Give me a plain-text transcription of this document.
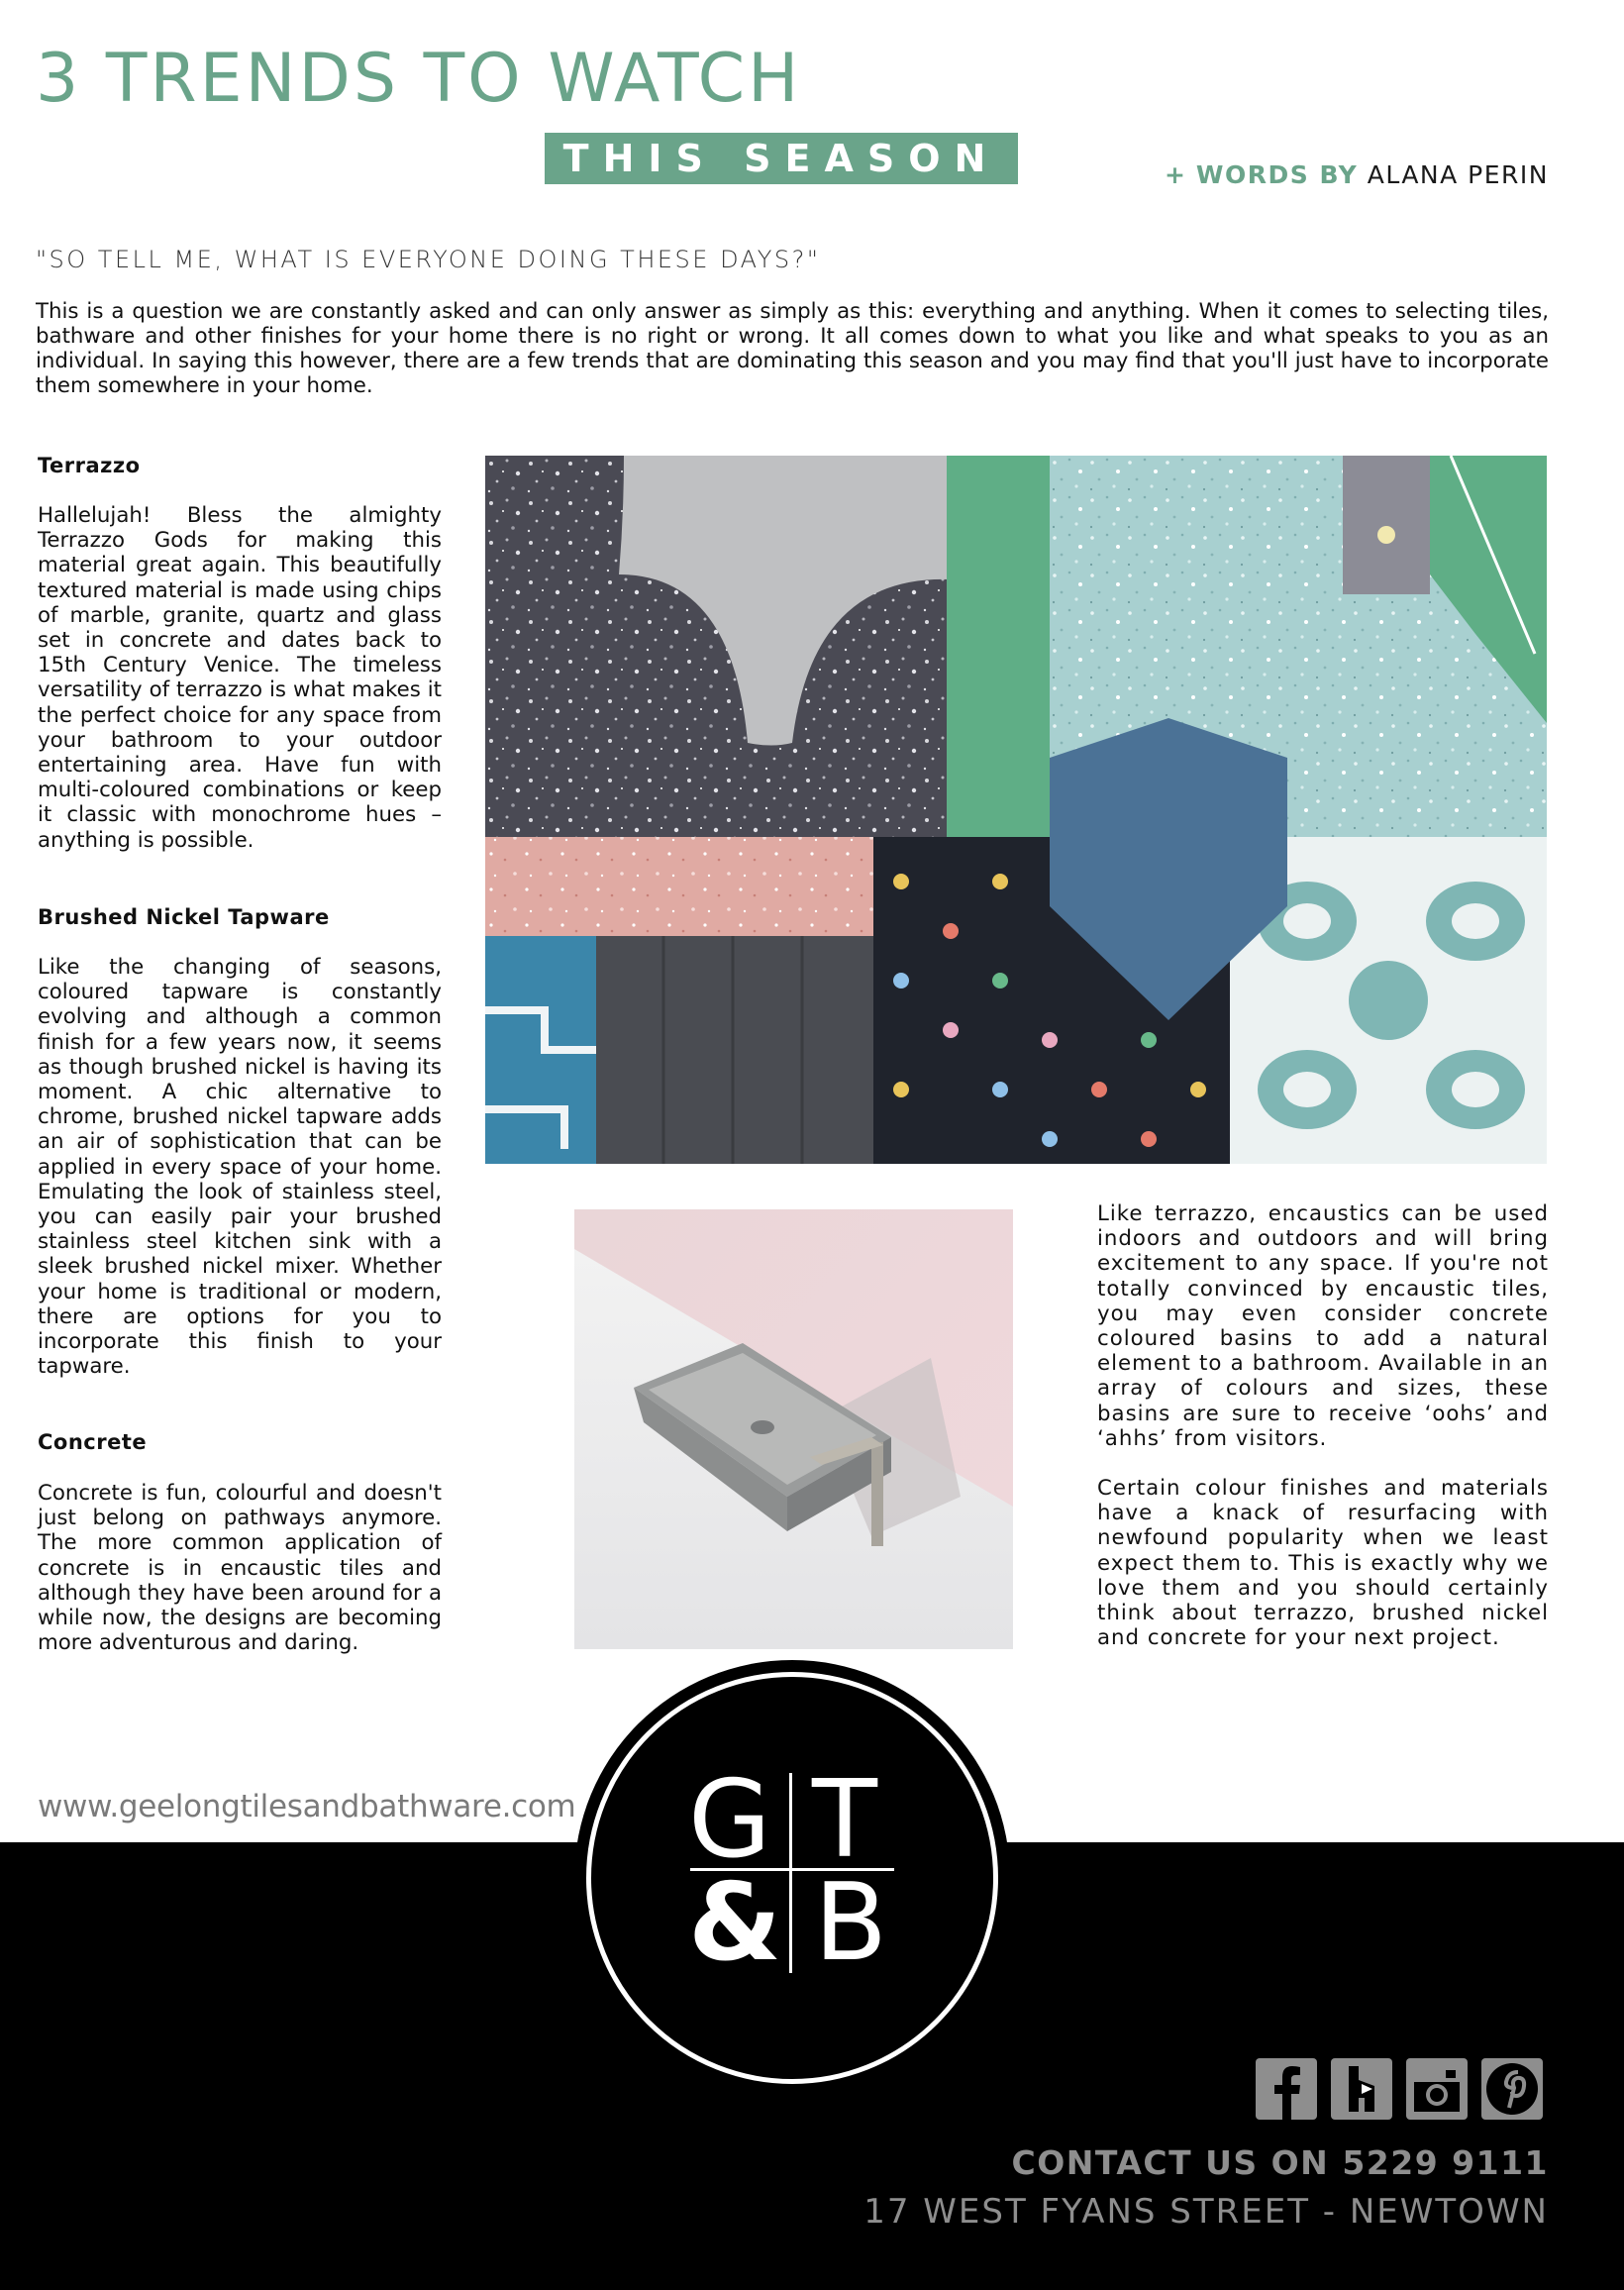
3 TRENDS TO WATCH
THIS SEASON	+ WORDS BY ALANA PERIN
"SO TELL ME, WHAT IS EVERYONE DOING THESE DAYS?"

This is a question we are constantly asked and can only answer as simply as this: everything and anything. When it comes to selecting tiles, bathware and other finishes for your home there is no right or wrong. It all comes down to what you like and what speaks to you as an individual. In saying this however, there are a few trends that are dominating this season and you may find that you'll just have to incorporate them somewhere in your home.

Terrazzo

Hallelujah! Bless the almighty Terrazzo Gods for making this material great again. This beautifully textured material is made using chips of marble, granite, quartz and glass set in concrete and dates back to 15th Century Venice. The timeless versatility of terrazzo is what makes it the perfect choice for any space from your bathroom to your outdoor entertaining area. Have fun with multi-coloured combinations or keep it classic with monochrome hues – anything is possible.

Brushed Nickel Tapware

Like the changing of seasons, coloured tapware is constantly evolving and although a common finish for a few years now, it seems as though brushed nickel is having its moment. A chic alternative to chrome, brushed nickel tapware adds an air of sophistication that can be applied in every space of your home. Emulating the look of stainless steel, you can easily pair your brushed stainless steel kitchen sink with a sleek brushed nickel mixer. Whether your home is traditional or modern, there are options for you to incorporate this finish to your tapware.

Concrete

Concrete is fun, colourful and doesn't just belong on pathways anymore. The more common application of concrete is in encaustic tiles and although they have been around for a while now, the designs are becoming more adventurous and daring.

Like terrazzo, encaustics can be used indoors and outdoors and will bring excitement to any space. If you're not totally convinced by encaustic tiles, you may even consider concrete coloured basins to add a natural element to a bathroom. Available in an array of colours and sizes, these basins are sure to receive ‘oohs’ and ‘ahhs’ from visitors.

Certain colour finishes and materials have a knack of resurfacing with newfound popularity when we least expect them to. This is exactly why we love them and you should certainly think about terrazzo, brushed nickel and concrete for your next project.

www.geelongtilesandbathware.com G T
& B
CONTACT US ON 5229 9111
17 WEST FYANS STREET - NEWTOWN
